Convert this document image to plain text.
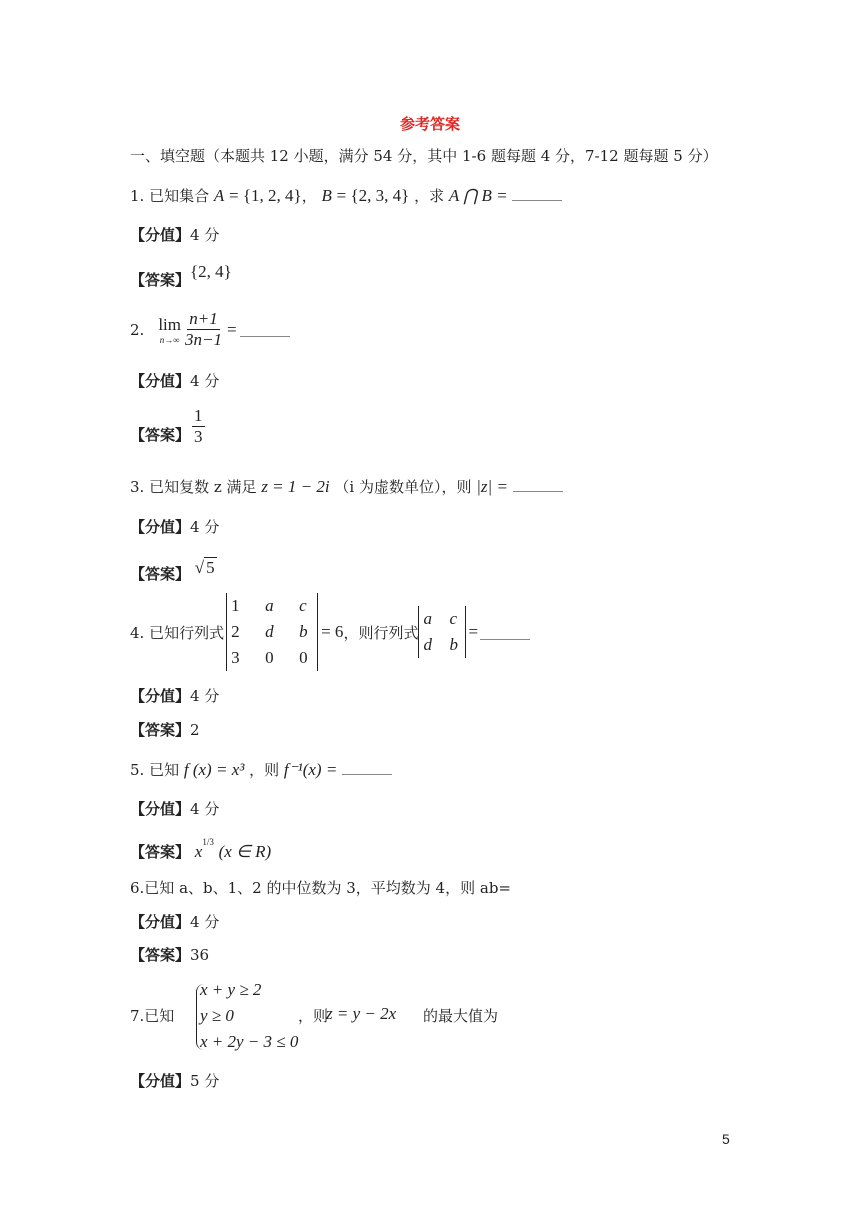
参考答案
一、填空题（本题共 12 小题，满分 54 分，其中 1-6 题每题 4 分，7-12 题每题 5 分）
1. 已知集合 A = {1, 2, 4}， B = {2, 3, 4} ，求 A ⋂ B =
【分值】4 分
【答案】{2, 4}
2. lim
$n\to\infty \frac{n+1}{3n-1}$ =
【分值】4 分
【答案】 $\frac{1}{3}$
3. 已知复数 z 满足 z = 1 − 2i （i 为虚数单位），则 |z| =
【分值】4 分
【答案】 √ 5
4. 已知行列式
1	a	c
2	d	b
3	0	0
= 6 ，则行列式
a	c
d	b
=
【分值】4 分
【答案】2
5. 已知 f (x) = x³ ，则 f⁻¹(x) =
【分值】4 分
【答案】 $x^{1/3}$ (x ∈ R)
6.已知 a、b、1、2 的中位数为 3，平均数为 4，则 ab=
【分值】4 分
【答案】36
7.已知
x + y ≥ 2
y ≥ 0
x + 2y − 3 ≤ 0
，则
z = y − 2x 的最大值为
【分值】5 分
5
